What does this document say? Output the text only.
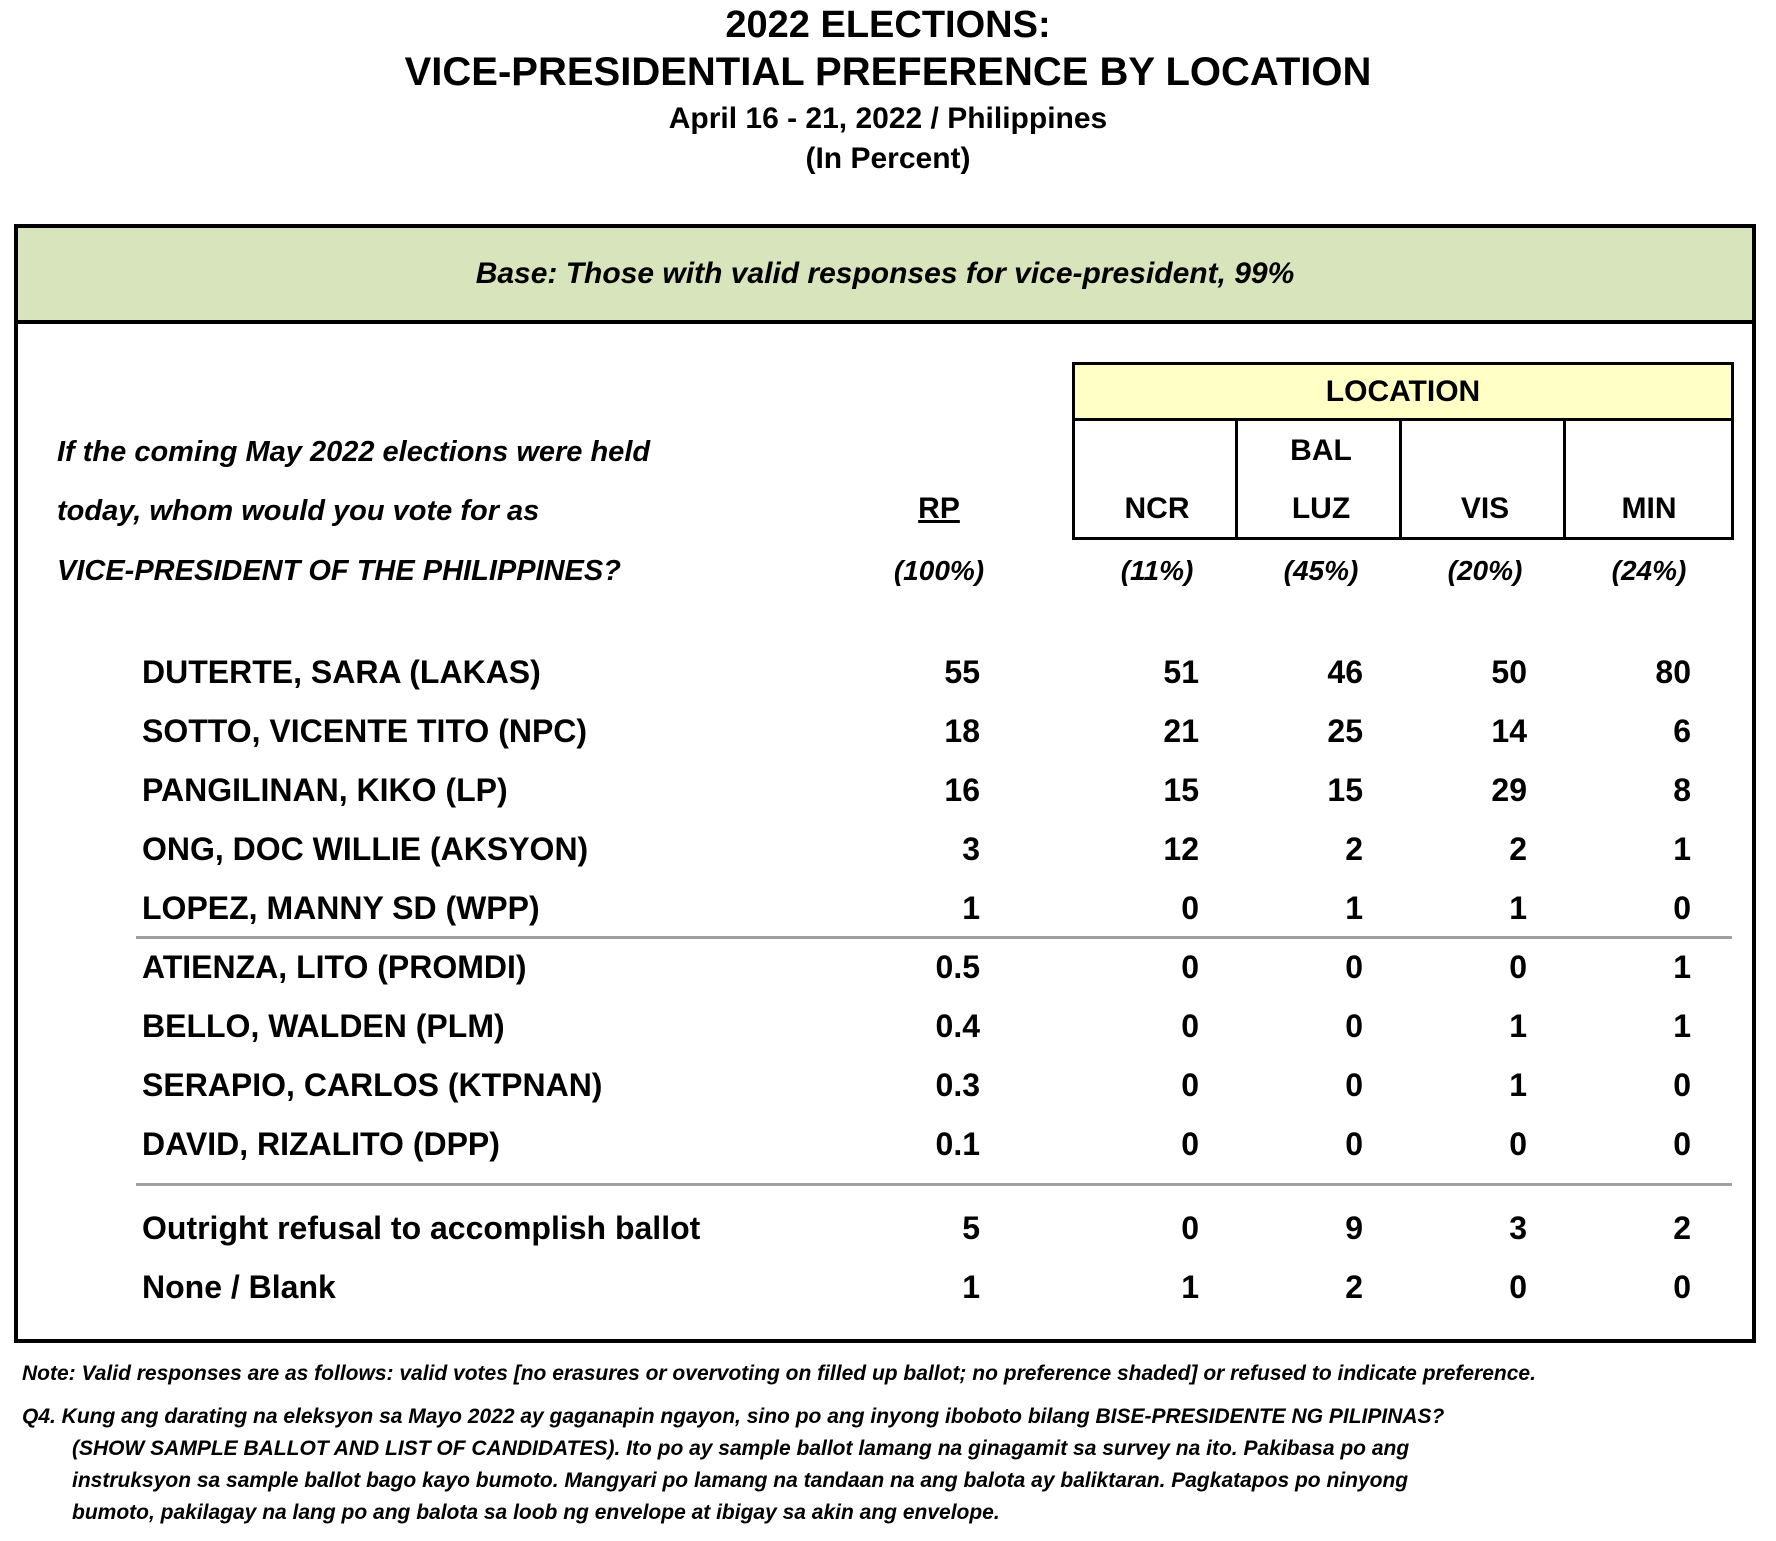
2022 ELECTIONS:
VICE-PRESIDENTIAL PREFERENCE BY LOCATION
April 16 - 21, 2022 / Philippines
(In Percent)
Base: Those with valid responses for vice-president, 99%
LOCATION
If the coming May 2022 elections were held
today, whom would you vote for as
VICE-PRESIDENT OF THE PHILIPPINES?
RP	NCR
BAL
LUZ	VIS	MIN
(100%)	(11%)	(45%)	(20%)	(24%)
DUTERTE, SARA (LAKAS)	55	51	46	50	80
SOTTO, VICENTE TITO (NPC)	18	21	25	14	6
PANGILINAN, KIKO (LP)	16	15	15	29	8
ONG, DOC WILLIE (AKSYON)	3	12	2	2	1
LOPEZ, MANNY SD (WPP)	1	0	1	1	0
ATIENZA, LITO (PROMDI)	0.5	0	0	0	1
BELLO, WALDEN (PLM)	0.4	0	0	1	1
SERAPIO, CARLOS (KTPNAN)	0.3	0	0	1	0
DAVID, RIZALITO (DPP)	0.1	0	0	0	0
Outright refusal to accomplish ballot	5	0	9	3	2
None / Blank	1	1	2	0	0
Note: Valid responses are as follows: valid votes [no erasures or overvoting on filled up ballot; no preference shaded] or refused to indicate preference.
Q4. Kung ang darating na eleksyon sa Mayo 2022 ay gaganapin ngayon, sino po ang inyong iboboto bilang BISE-PRESIDENTE NG PILIPINAS?
(SHOW SAMPLE BALLOT AND LIST OF CANDIDATES). Ito po ay sample ballot lamang na ginagamit sa survey na ito. Pakibasa po ang
instruksyon sa sample ballot bago kayo bumoto. Mangyari po lamang na tandaan na ang balota ay baliktaran. Pagkatapos po ninyong
bumoto, pakilagay na lang po ang balota sa loob ng envelope at ibigay sa akin ang envelope.
